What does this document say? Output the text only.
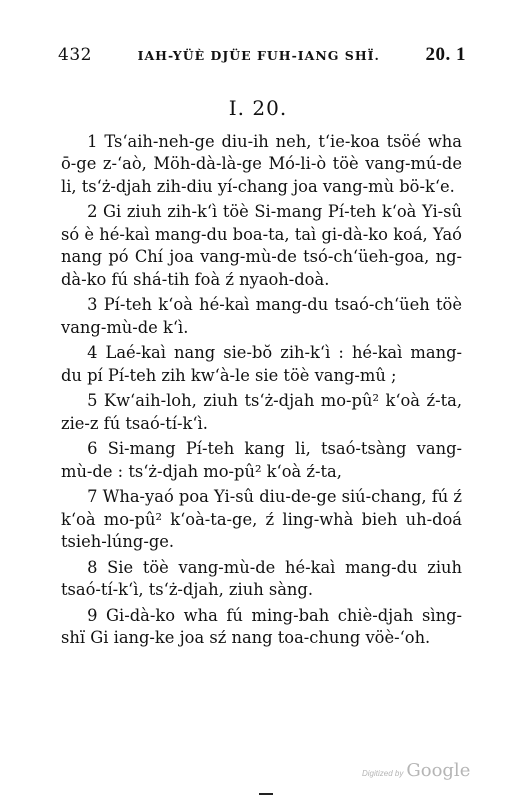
432	IAH-YÜÈ DJÜE FUH-IANG SHÏ. 20. 1
I. 20.

1 Ts‘aih-neh-ge diu-ih neh, t‘ie-koa tsöé wha ō-ge z-‘aò, Möh-dà-là-ge Mó-li-ò töè vang-mú-de li, ts‘ż-djah zih-diu yí-chang joa vang-mù bö-k‘e.

2 Gi ziuh zih-k‘ì töè Si-mang Pí-teh k‘oà Yi-sû só è hé-kaì mang-du boa-ta, taì gi-dà-ko koá, Yaó nang pó Chí joa vang-mù-de tsó-ch‘üeh-goa, ng-dà-ko fú shá-tih foà ź nyaoh-doà.

3 Pí-teh k‘oà hé-kaì mang-du tsaó-ch‘üeh töè vang-mù-de k‘ì.

4 Laé-kaì nang sie-bŏ zih-k‘ì : hé-kaì mang-du pí Pí-teh zih kw‘à-le sie töè vang-mû ;

5 Kw‘aih-loh, ziuh ts‘ż-djah mo-pû² k‘oà ź-ta, zie-z fú tsaó-tí-k‘ì.

6 Si-mang Pí-teh kang li, tsaó-tsàng vang-mù-de : ts‘ż-djah mo-pû² k‘oà ź-ta,

7 Wha-yaó poa Yi-sû diu-de-ge siú-chang, fú ź k‘oà mo-pû² k‘oà-ta-ge, ź ling-whà bieh uh-doá tsieh-lúng-ge.

8 Sie töè vang-mù-de hé-kaì mang-du ziuh tsaó-tí-k‘ì, ts‘ż-djah, ziuh sàng.

9 Gi-dà-ko wha fú ming-bah chiè-djah sìng-shï Gi iang-ke joa sź nang toa-chung vöè-‘oh.

Digitized by Google
